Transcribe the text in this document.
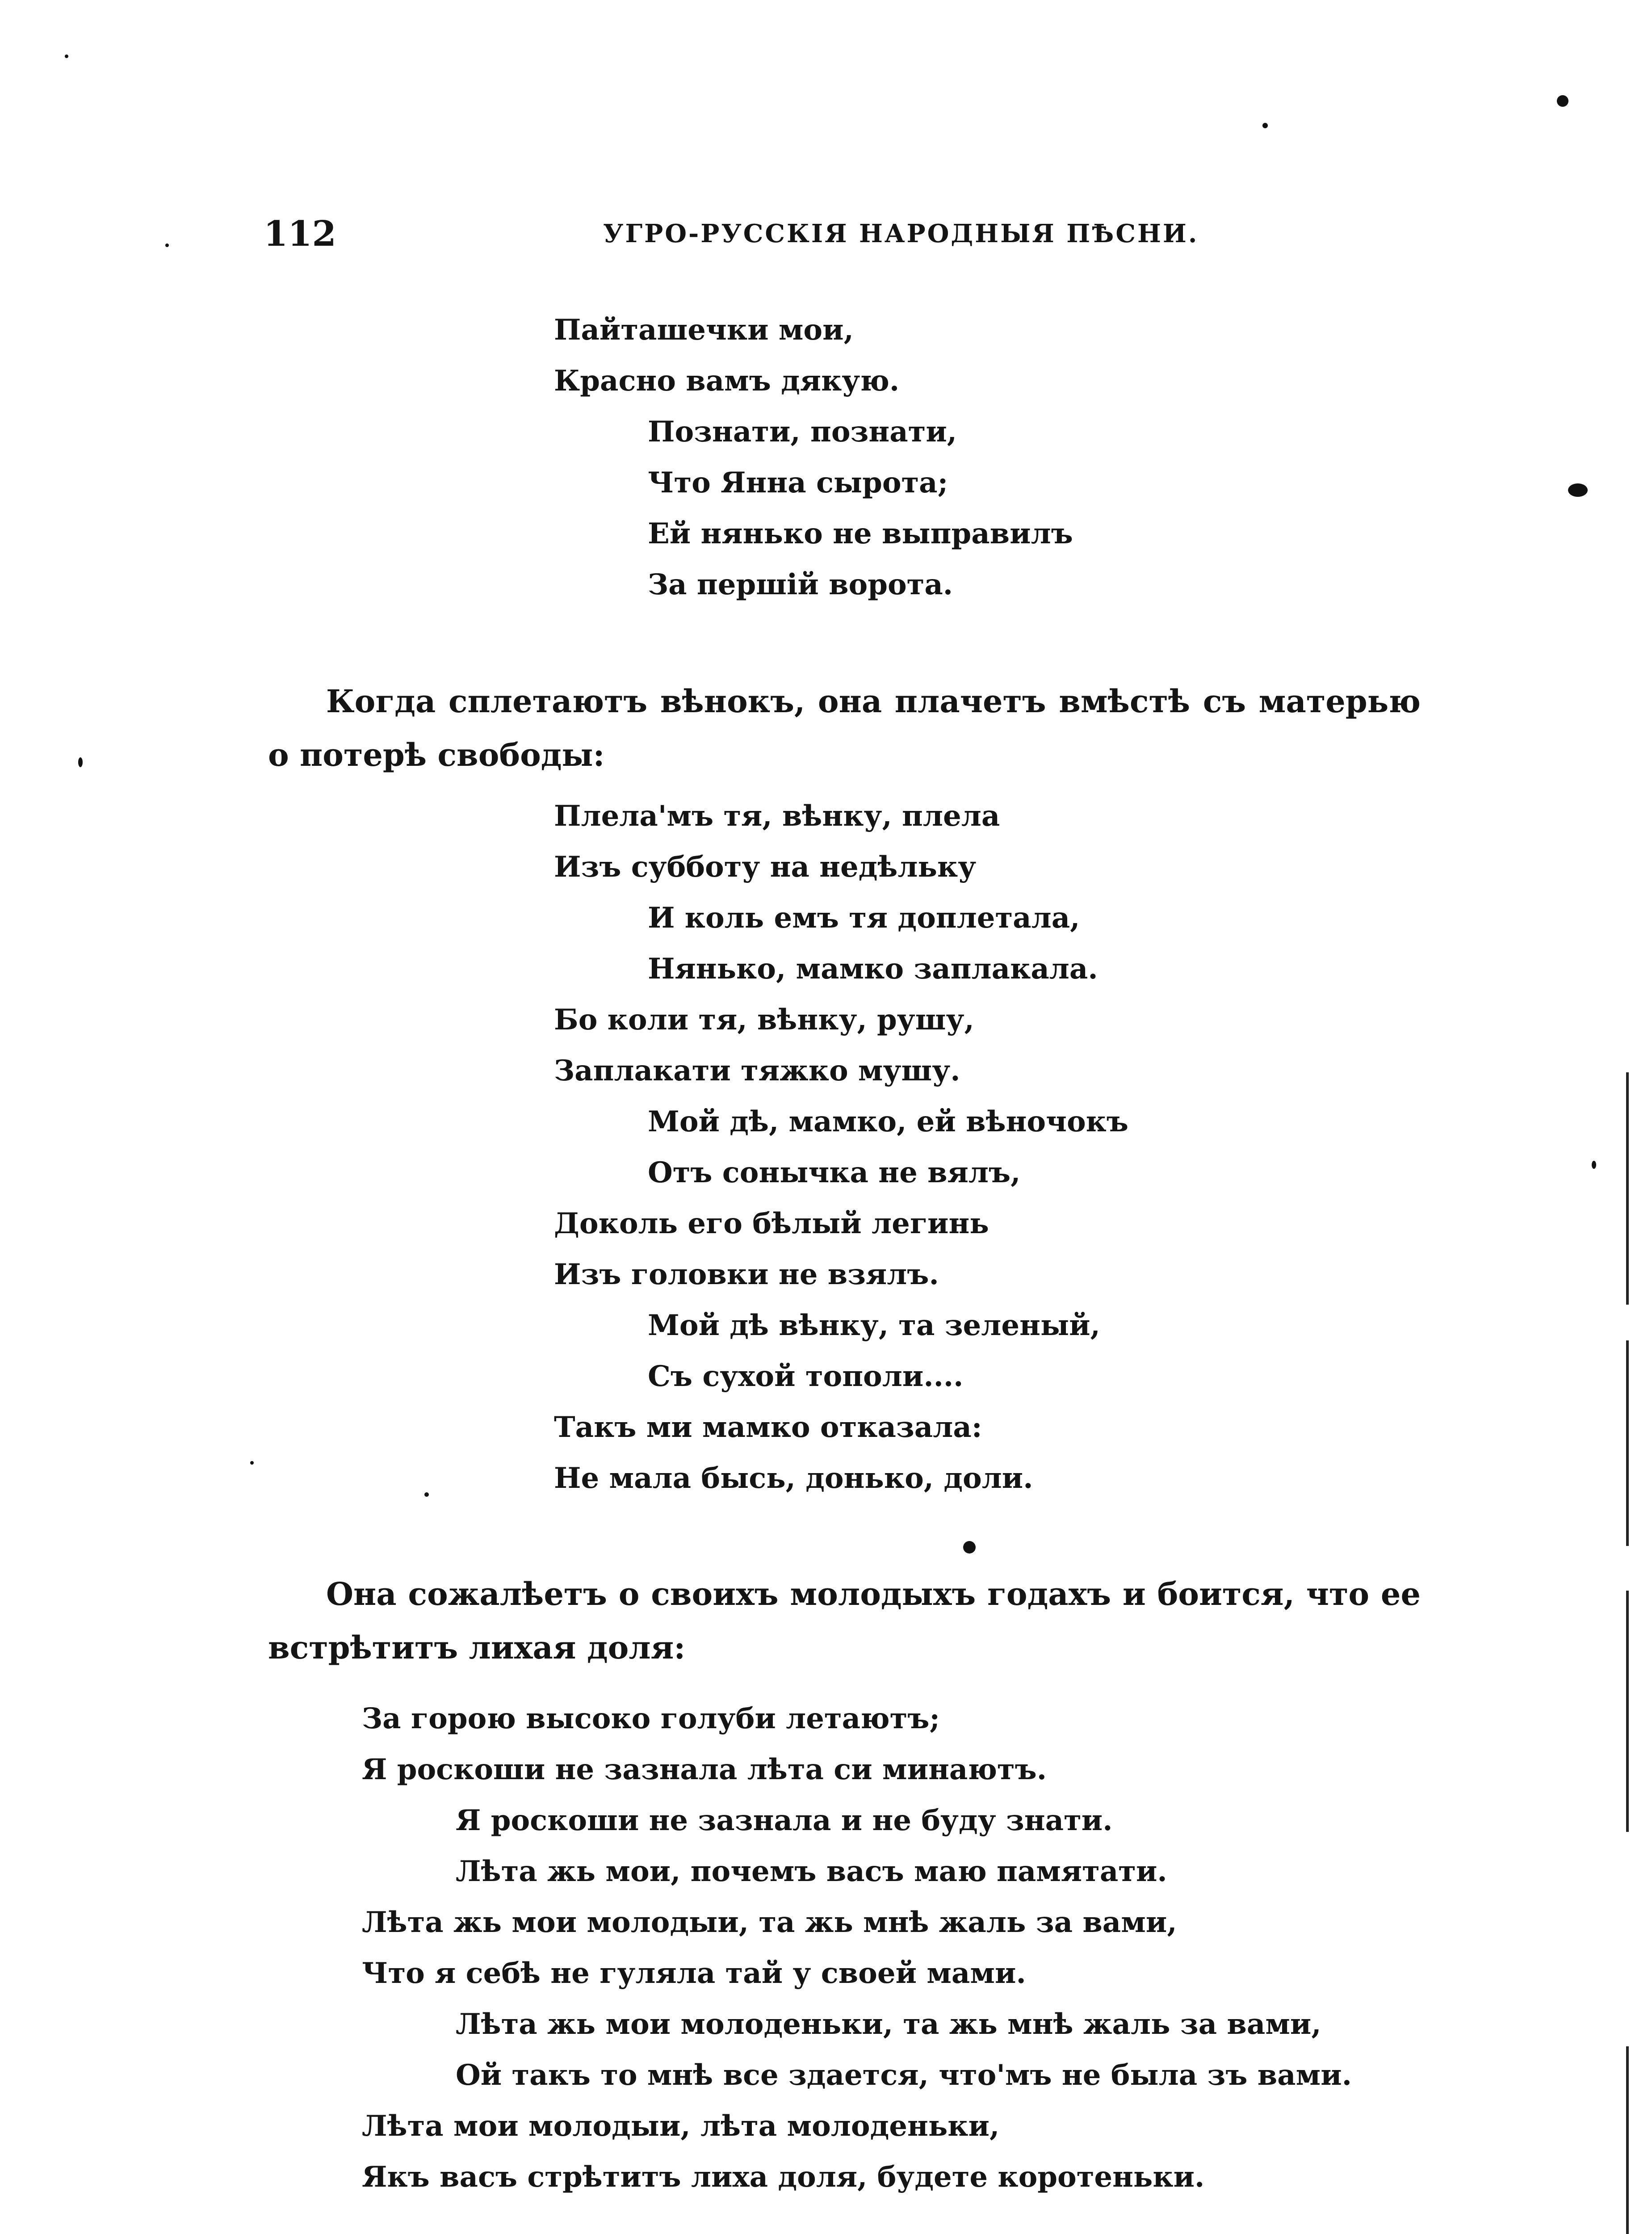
112	УГРО-РУССКІЯ НАРОДНЫЯ ПѢСНИ.
Пайташечки мои,
Красно вамъ дякую.
Познати, познати,
Что Янна сырота;
Ей нянько не выправилъ
За першій ворота.

Когда сплетаютъ вѣнокъ, она плачетъ вмѣстѣ съ матерью о потерѣ свободы:

Плела'мъ тя, вѣнку, плела
Изъ субботу на недѣльку
И коль емъ тя доплетала,
Нянько, мамко заплакала.
Бо коли тя, вѣнку, рушу,
Заплакати тяжко мушу.
Мой дѣ, мамко, ей вѣночокъ
Отъ сонычка не вялъ,
Доколь его бѣлый легинь
Изъ головки не взялъ.
Мой дѣ вѣнку, та зеленый,
Съ сухой тополи....
Такъ ми мамко отказала:
Не мала бысь, донько, доли.

Она сожалѣетъ о своихъ молодыхъ годахъ и боится, что ее встрѣтитъ лихая доля:

За горою высоко голуби летаютъ;
Я роскоши не зазнала лѣта си минаютъ.
Я роскоши не зазнала и не буду знати.
Лѣта жь мои, почемъ васъ маю памятати.
Лѣта жь мои молодыи, та жь мнѣ жаль за вами,
Что я себѣ не гуляла тай у своей мами.
Лѣта жь мои молоденьки, та жь мнѣ жаль за вами,
Ой такъ то мнѣ все здается, что'мъ не была зъ вами.
Лѣта мои молодыи, лѣта молоденьки,
Якъ васъ стрѣтитъ лиха доля, будете коротеньки.
